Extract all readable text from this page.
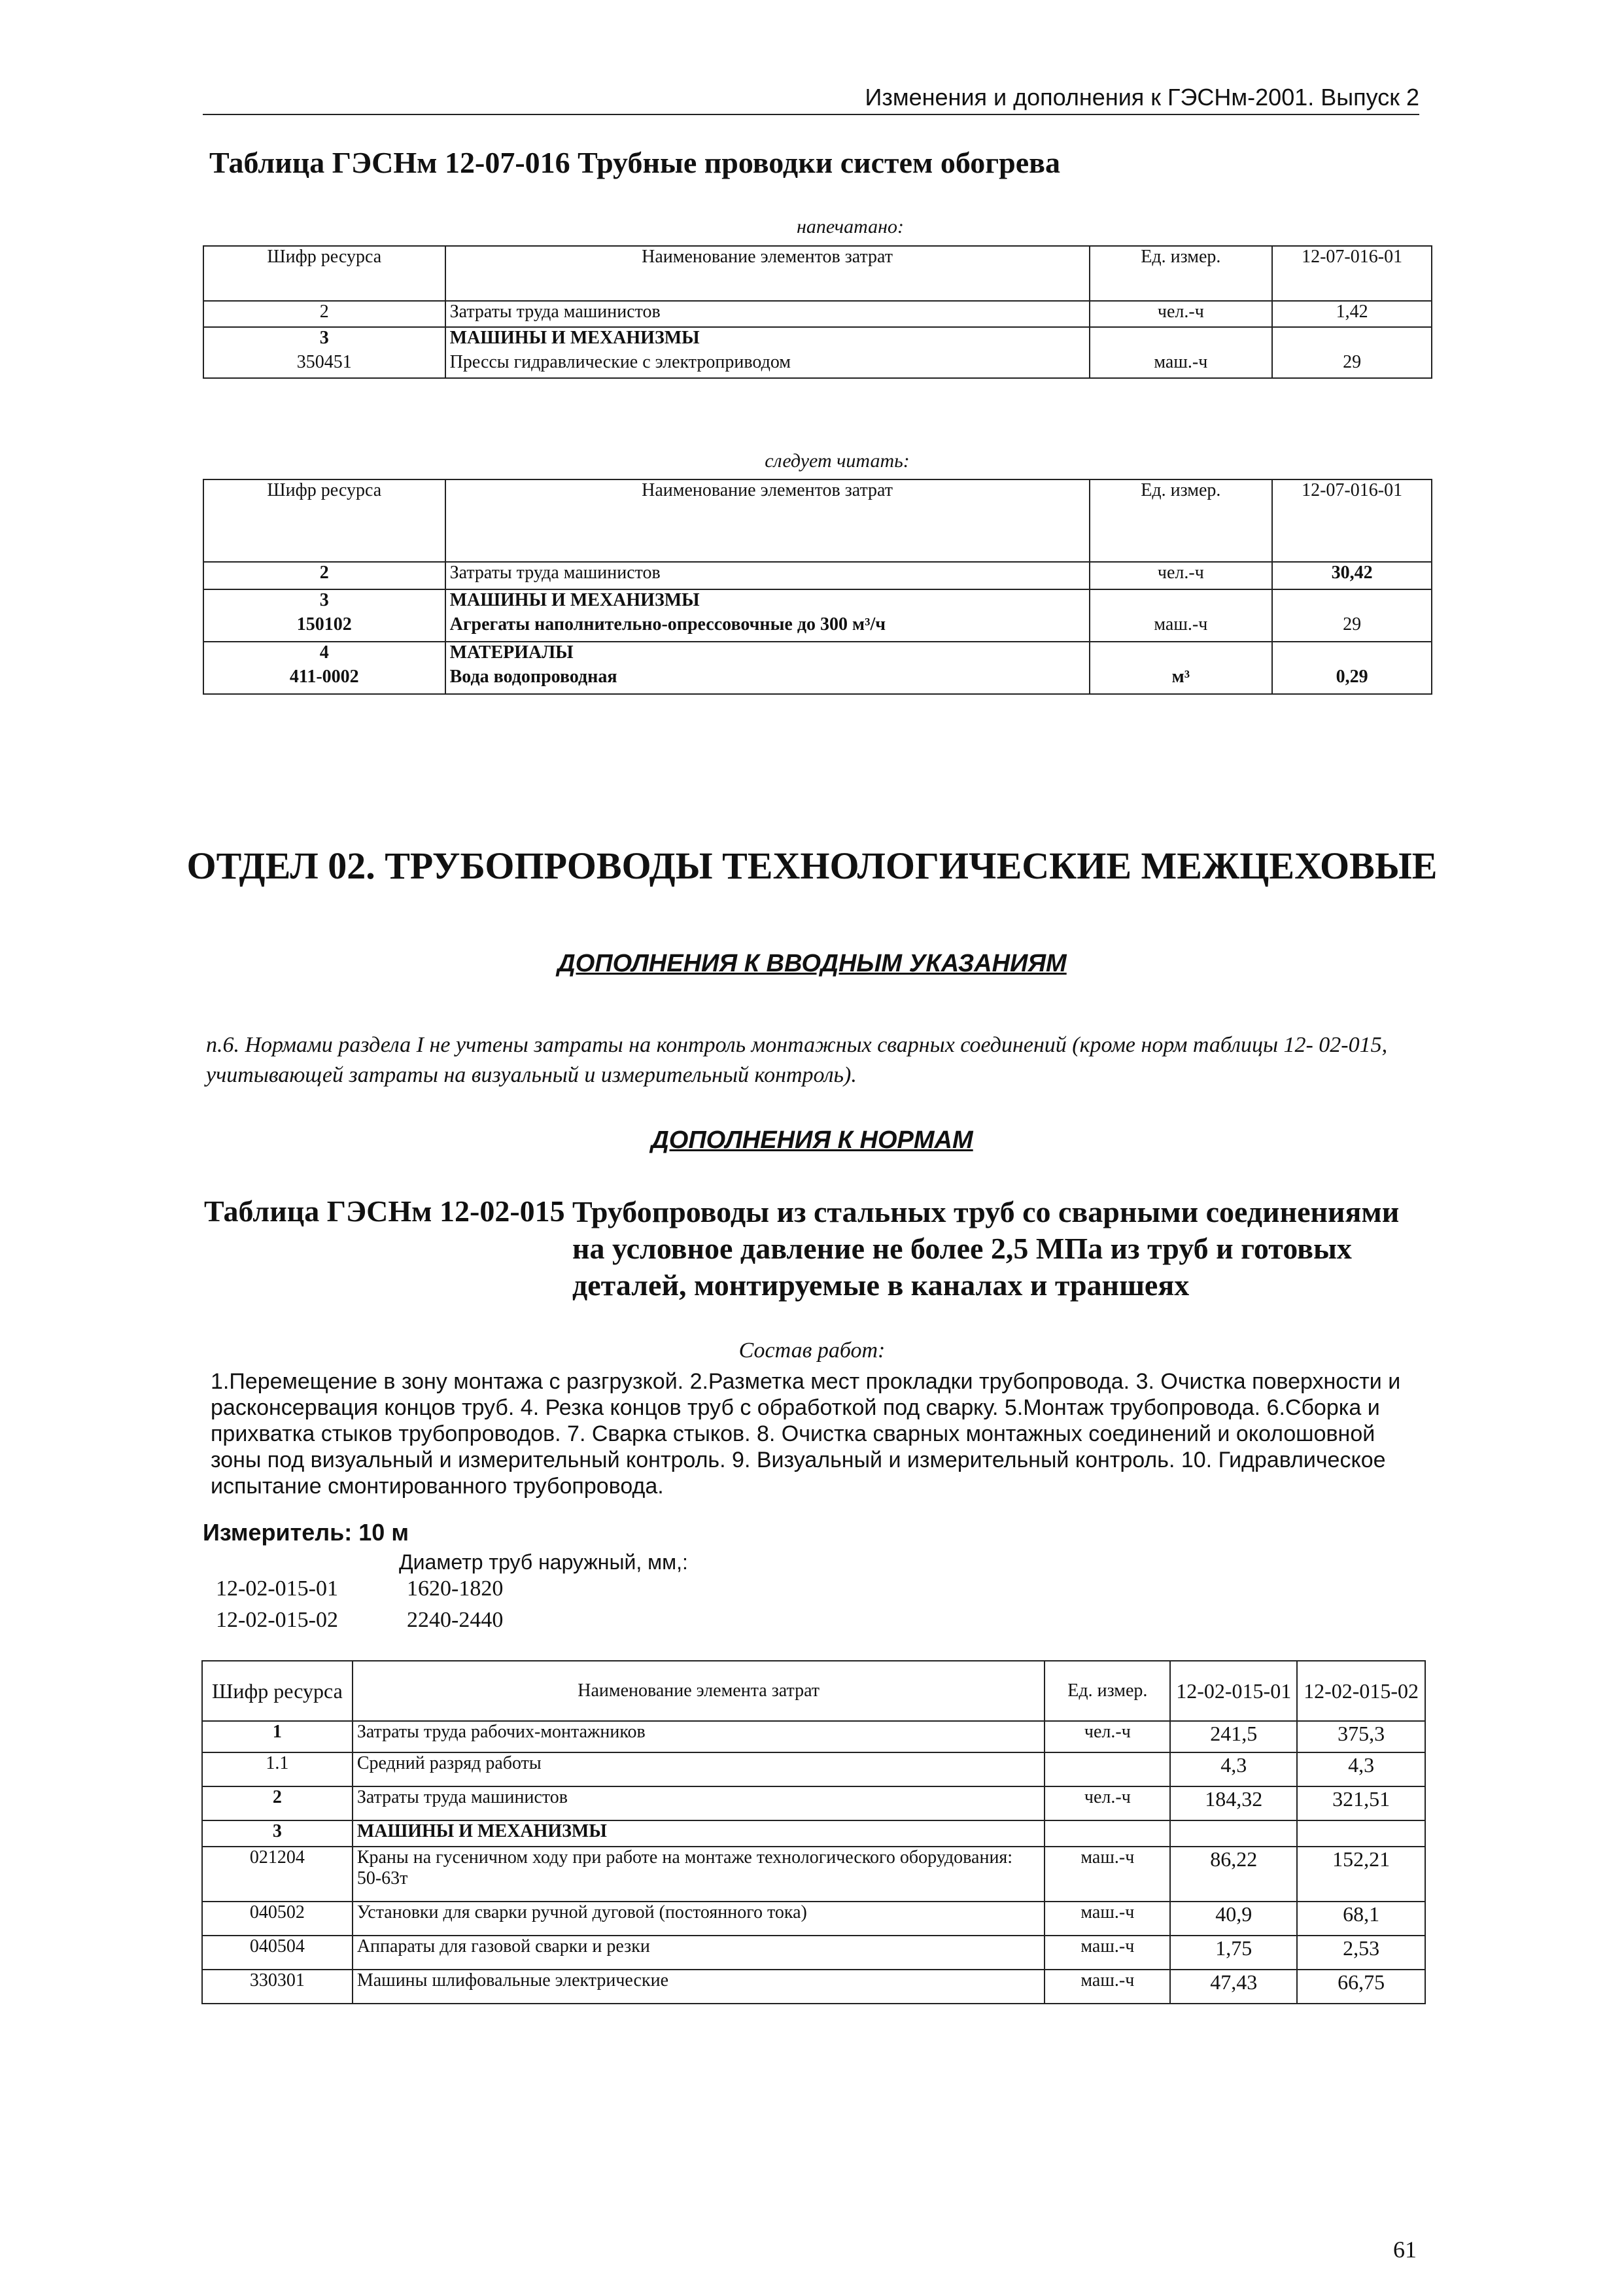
Изменения и дополнения к ГЭСНм-2001. Выпуск 2
Таблица ГЭСНм 12-07-016 Трубные проводки систем обогрева
напечатано:
Шифр ресурса	Наименование элементов затрат	Ед. измер.	12-07-016-01
2	Затраты труда машинистов	чел.-ч	1,42
3	МАШИНЫ И МЕХАНИЗМЫ		
350451	Прессы гидравлические с электроприводом	маш.-ч	29
следует читать:
Шифр ресурса	Наименование элементов затрат	Ед. измер.	12-07-016-01
2	Затраты труда машинистов	чел.-ч	30,42
3	МАШИНЫ И МЕХАНИЗМЫ		
150102	Агрегаты наполнительно-опрессовочные до 300 м³/ч	маш.-ч	29
4	МАТЕРИАЛЫ		
411-0002	Вода водопроводная	м³	0,29
ОТДЕЛ 02. ТРУБОПРОВОДЫ ТЕХНОЛОГИЧЕСКИЕ МЕЖЦЕХОВЫЕ
ДОПОЛНЕНИЯ К ВВОДНЫМ УКАЗАНИЯМ
п.6. Нормами раздела I не учтены затраты на контроль монтажных сварных соединений (кроме норм таблицы 12- 02-015, учитывающей затраты на визуальный и измерительный контроль).
ДОПОЛНЕНИЯ К НОРМАМ
Таблица ГЭСНм 12-02-015 Трубопроводы из стальных труб со сварными соединениями на условное давление не более 2,5 МПа из труб и готовых деталей, монтируемые в каналах и траншеях
Состав работ:
1.Перемещение в зону монтажа с разгрузкой. 2.Разметка мест прокладки трубопровода. 3. Очистка поверхности и расконсервация концов труб. 4. Резка концов труб с обработкой под сварку. 5.Монтаж трубопровода. 6.Сборка и прихватка стыков трубопроводов. 7. Сварка стыков. 8. Очистка сварных монтажных соединений и околошовной зоны под визуальный и измерительный контроль. 9. Визуальный и измерительный контроль. 10. Гидравлическое испытание смонтированного трубопровода.
Измеритель: 10 м
Диаметр труб наружный, мм,:
12-02-015-01	1620-1820
12-02-015-02	2240-2440
Шифр ресурса	Наименование элемента затрат	Ед. измер.	12-02-015-01	12-02-015-02
1	Затраты труда рабочих-монтажников	чел.-ч	241,5	375,3
1.1	Средний разряд работы		4,3	4,3
2	Затраты труда машинистов	чел.-ч	184,32	321,51
3	МАШИНЫ И МЕХАНИЗМЫ			
021204	Краны на гусеничном ходу при работе на монтаже технологического оборудования: 50-63т	маш.-ч	86,22	152,21
040502	Установки для сварки ручной дуговой (постоянного тока)	маш.-ч	40,9	68,1
040504	Аппараты для газовой сварки и резки	маш.-ч	1,75	2,53
330301	Машины шлифовальные электрические	маш.-ч	47,43	66,75
61
